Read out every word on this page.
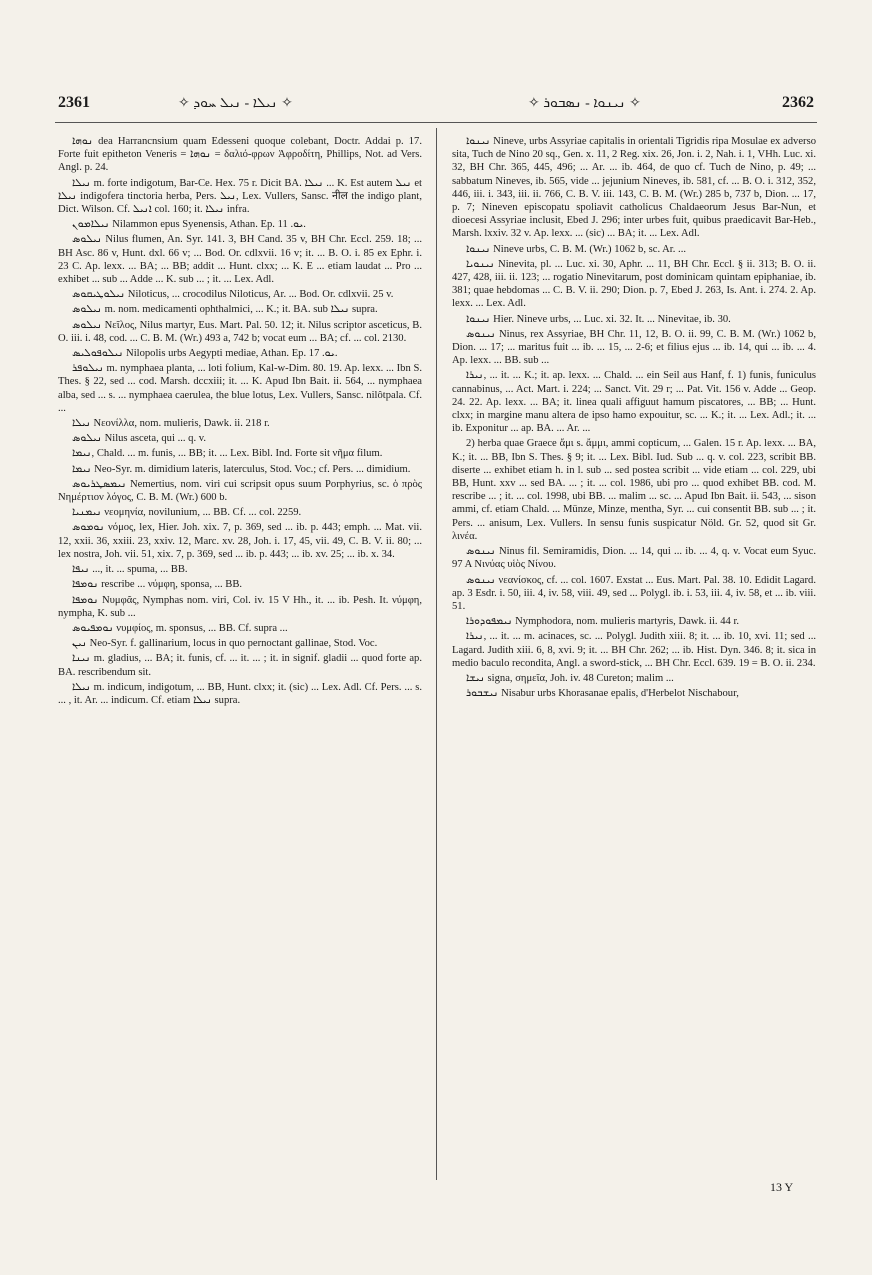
2361	✧ ܢܝܠܐ - ܢܝܠ ܚܘܕ ✧	✧ ܢܝܢܘܐ - ܢܣܒܘܪ ✧	2362

ܢܘܗܐ dea Harrancnsium quam Edesseni quoque colebant, Doctr. Addai p. 17. Forte fuit epitheton Veneris = ܢܘܗܐ = δαλιό-φρων Ἀφροδίτη, Phillips, Not. ad Vers. Angl. p. 24.

ܢܝܠܐ m. forte indigotum, Bar-Ce. Hex. 75 r. Dicit BA. ܢܝܠܐ ... K. Est autem ܢܝܠ et ܢܝܠܐ indigofera tinctoria herba, Pers. ܢܝܠ, Lex. Vullers, Sansc. नील the indigo plant, Dict. Wilson. Cf. ܐܢܝܠ col. 160; it. ܢܝܠܐ infra.

ܢܝܠܐܡܘܢ Nilammon epus Syenensis, Athan. Ep. ܝܘ. 11.

ܢܝܠܘܣ Nilus flumen, An. Syr. 141. 3, BH Cand. 35 v, BH Chr. Eccl. 259. 18; ... BH Asc. 86 v, Hunt. dxl. 66 v; ... Bod. Or. cdlxvii. 16 v; it. ... B. O. i. 85 ex Ephr. i. 23 C. Ap. lexx. ... BA; ... BB; addit ... Hunt. clxx; ... K. E ... etiam laudat ... Pro ... exhibet ... sub ... Adde ... K. sub ... ; it. ... Lex. Adl.

ܢܝܠܘܛܝܩܘܣ Niloticus, ... crocodilus Niloticus, Ar. ... Bod. Or. cdlxvii. 25 v.

ܢܝܠܘܣ m. nom. medicamenti ophthalmici, ... K.; it. BA. sub ܢܝܠܐ supra.

ܢܝܠܘܣ Νεῖλος, Nilus martyr, Eus. Mart. Pal. 50. 12; it. Nilus scriptor asceticus, B. O. iii. i. 48, cod. ... C. B. M. (Wr.) 493 a, 742 b; vocat eum ... BA; cf. ... col. 2130.

ܢܝܠܘܦܘܠܝܣ Nilopolis urbs Aegypti mediae, Athan. Ep. ܝܘ. 17.

ܢܝܠܘܦܪ m. nymphaea planta, ... loti folium, Kal-w-Dim. 80. 19. Ap. lexx. ... Ibn S. Thes. § 22, sed ... cod. Marsh. dccxiii; it. ... K. Apud Ibn Bait. ii. 564, ... nymphaea alba, sed ... s. ... nymphaea caerulea, the blue lotus, Lex. Vullers, Sansc. nilôtpala. Cf. ...

ܢܝܠܐ Νεονίλλα, nom. mulieris, Dawk. ii. 218 r.

ܢܝܠܘܣ Nilus asceta, qui ... q. v.

ܢܝܡܐ, Chald. ... m. funis, ... BB; it. ... Lex. Bibl. Ind. Forte sit νῆμα filum.

ܢܝܡܐ Neo-Syr. m. dimidium lateris, laterculus, Stod. Voc.; cf. Pers. ... dimidium.

ܢܝܡܣܛܪܝܘܣ Nemertius, nom. viri cui scripsit opus suum Porphyrius, sc. ὁ πρὸς Νημέρτιον λόγος, C. B. M. (Wr.) 600 b.

ܢܝܡܢܝܐ νεομηνία, novilunium, ... BB. Cf. ... col. 2259.

ܢܘܡܘܣ νόμος, lex, Hier. Joh. xix. 7, p. 369, sed ... ib. p. 443; emph. ... Mat. vii. 12, xxii. 36, xxiii. 23, xxiv. 12, Marc. xv. 28, Joh. i. 17, 45, vii. 49, C. B. V. ii. 80; ... lex nostra, Joh. vii. 51, xix. 7, p. 369, sed ... ib. p. 443; ... ib. xv. 25; ... ib. x. 34.

ܢܝܦܐ ..., it. ... spuma, ... BB.

ܢܘܡܦܐ rescribe ... νύμφη, sponsa, ... BB.

ܢܘܡܦܐ Νυμφᾶς, Nymphas nom. viri, Col. iv. 15 V Hh., it. ... ib. Pesh. It. νύμφη, nympha, K. sub ...

ܢܘܡܦܝܘܣ νυμφίος, m. sponsus, ... BB. Cf. supra ...

ܢܝܢ Neo-Syr. f. gallinarium, locus in quo pernoctant gallinae, Stod. Voc.

ܢܝܢܐ m. gladius, ... BA; it. funis, cf. ... it. ... ; it. in signif. gladii ... quod forte ap. BA. rescribendum sit.

ܢܝܠܐ m. indicum, indigotum, ... BB, Hunt. clxx; it. (sic) ... Lex. Adl. Cf. Pers. ... s. ... , it. Ar. ... indicum. Cf. etiam ܢܝܠܐ supra.

ܢܝܢܘܐ Nineve, urbs Assyriae capitalis in orientali Tigridis ripa Mosulae ex adverso sita, Tuch de Nino 20 sq., Gen. x. 11, 2 Reg. xix. 26, Jon. i. 2, Nah. i. 1, VHh. Luc. xi. 32, BH Chr. 365, 445, 496; ... Ar. ... ib. 464, de quo cf. Tuch de Nino, p. 49; ... sabbatum Nineves, ib. 565, vide ... jejunium Nineves, ib. 581, cf. ... B. O. i. 312, 352, 446, iii. i. 343, iii. ii. 766, C. B. V. iii. 143, C. B. M. (Wr.) 285 b, 737 b, Dion. ... 17, p. 7; Nineven episcopatu spoliavit catholicus Chaldaeorum Jesus Bar-Nun, et dioecesi Assyriae inclusit, Ebed J. 296; inter urbes fuit, quibus praedicavit Bar-Heb., Marsh. lxxiv. 32 v. Ap. lexx. ... (sic) ... BA; it. ... Lex. Adl.

ܢܝܢܘܐ Nineve urbs, C. B. M. (Wr.) 1062 b, sc. Ar. ...

ܢܝܢܘܝܐ Ninevita, pl. ... Luc. xi. 30, Aphr. ... 11, BH Chr. Eccl. § ii. 313; B. O. ii. 427, 428, iii. ii. 123; ... rogatio Ninevitarum, post dominicam quintam epiphaniae, ib. 381; quae hebdomas ... C. B. V. ii. 290; Dion. p. 7, Ebed J. 263, Is. Ant. i. 274. 2. Ap. lexx. ... Lex. Adl.

ܢܝܢܘܐ Hier. Nineve urbs, ... Luc. xi. 32. It. ... Ninevitae, ib. 30.

ܢܝܢܘܣ Ninus, rex Assyriae, BH Chr. 11, 12, B. O. ii. 99, C. B. M. (Wr.) 1062 b, Dion. ... 17; ... maritus fuit ... ib. ... 15, ... 2-6; et filius ejus ... ib. 14, qui ... ib. ... 4. Ap. lexx. ... BB. sub ...

ܢܝܪܐ, ... it. ... K.; it. ap. lexx. ... Chald. ... ein Seil aus Hanf, f. 1) funis, funiculus cannabinus, ... Act. Mart. i. 224; ... Sanct. Vit. 29 r; ... Pat. Vit. 156 v. Adde ... Geop. 24. 22. Ap. lexx. ... BA; it. linea quali affiguut hamum piscatores, ... BB; ... Hunt. clxx; in margine manu altera de ipso hamo expouitur, sc. ... K.; it. ... Lex. Adl.; it. ... ib. Exponitur ... ap. BA. ... Ar. ...

2) herba quae Graece ἄμι s. ἄμμι, ammi copticum, ... Galen. 15 r. Ap. lexx. ... BA, K.; it. ... BB, Ibn S. Thes. § 9; it. ... Lex. Bibl. Iud. Sub ... q. v. col. 223, scribit BB. diserte ... exhibet etiam h. in l. sub ... sed postea scribit ... vide etiam ... col. 229, ubi BB, Hunt. xxv ... sed BA. ... ; it. ... col. 1986, ubi pro ... quod exhibet BB. cod. M. rescribe ... ; it. ... col. 1998, ubi BB. ... malim ... sc. ... Apud Ibn Bait. ii. 543, ... sison ammi, cf. etiam Chald. ... Münze, Minze, mentha, Syr. ... cui consentit BB. sub ... ; it. Pers. ... anisum, Lex. Vullers. In sensu funis suspicatur Nöld. Gr. 52, quod sit Gr. λινέα.

ܢܝܢܘܣ Ninus fil. Semiramidis, Dion. ... 14, qui ... ib. ... 4, q. v. Vocat eum Syuc. 97 A Νινύας υἱὸς Νίνου.

ܢܝܢܘܣ νεανίσκος, cf. ... col. 1607. Exstat ... Eus. Mart. Pal. 38. 10. Edidit Lagard. ap. 3 Esdr. i. 50, iii. 4, iv. 58, viii. 49, sed ... Polygl. ib. i. 53, iii. 4, iv. 58, et ... ib. viii. 51.

ܢܝܡܦܘܕܘܪܐ Nymphodora, nom. mulieris martyris, Dawk. ii. 44 r.

ܢܝܪܐ, ... it. ... m. acinaces, sc. ... Polygl. Judith xiii. 8; it. ... ib. 10, xvi. 11; sed ... Lagard. Judith xiii. 6, 8, xvi. 9; it. ... BH Chr. 262; ... ib. Hist. Dyn. 346. 8; it. sica in medio baculo recondita, Angl. a sword-stick, ... BH Chr. Eccl. 639. 19 = B. O. ii. 234.

ܢܝܫܐ signa, σημεῖα, Joh. iv. 48 Cureton; malim ...

ܢܝܫܒܘܪ Nisabur urbs Khorasanae epalis, d'Herbelot Nischabour,

13 Y
